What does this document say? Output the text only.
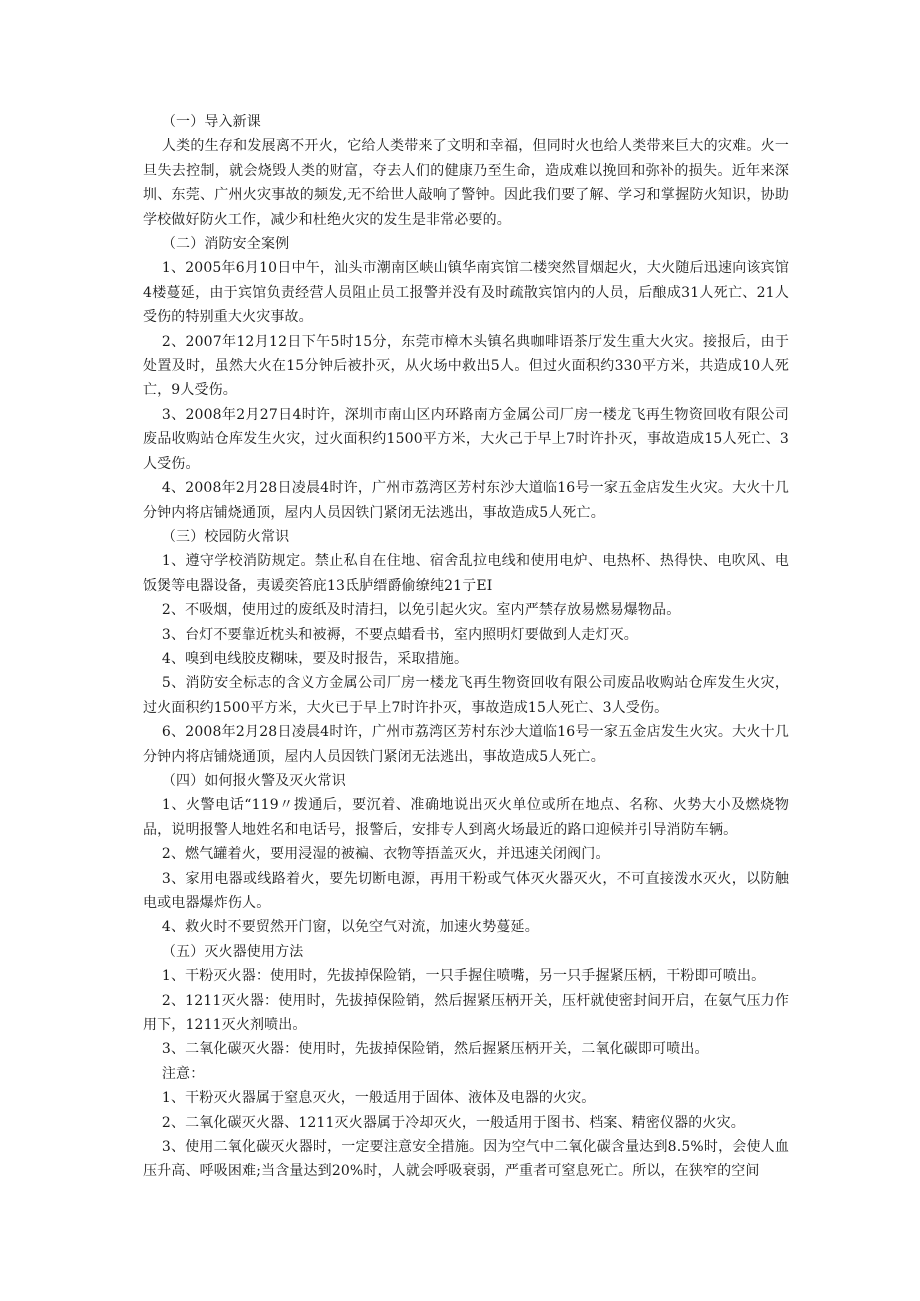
（一）导入新课

人类的生存和发展离不开火，它给人类带来了文明和幸福，但同时火也给人类带来巨大的灾难。火一旦失去控制，就会烧毁人类的财富，夺去人们的健康乃至生命，造成难以挽回和弥补的损失。近年来深圳、东莞、广州火灾事故的频发,无不给世人敲响了警钟。因此我们要了解、学习和掌握防火知识，协助学校做好防火工作，减少和杜绝火灾的发生是非常必要的。

（二）消防安全案例

1、2005年6月10日中午，汕头市潮南区峡山镇华南宾馆二楼突然冒烟起火，大火随后迅速向该宾馆4楼蔓延，由于宾馆负责经营人员阻止员工报警并没有及时疏散宾馆内的人员，后酿成31人死亡、21人受伤的特别重大火灾事故。

2、2007年12月12日下午5时15分，东莞市樟木头镇名典咖啡语茶厅发生重大火灾。接报后，由于处置及时，虽然大火在15分钟后被扑灭，从火场中救出5人。但过火面积约330平方米，共造成10人死亡，9人受伤。

3、2008年2月27日4时许，深圳市南山区内环路南方金属公司厂房一楼龙飞再生物资回收有限公司废品收购站仓库发生火灾，过火面积约1500平方米，大火己于早上7时许扑灭，事故造成15人死亡、3人受伤。

4、2008年2月28日凌晨4时许，广州市荔湾区芳村东沙大道临16号一家五金店发生火灾。大火十几分钟内将店铺烧通顶，屋内人员因铁门紧闭无法逃出，事故造成5人死亡。

（三）校园防火常识

1、遵守学校消防规定。禁止私自在住地、宿舍乱拉电线和使用电炉、电热杯、热得快、电吹风、电饭煲等电器设备，夷谖奕笞庇13氐胪缙爵偷缭纯21亍EI

2、不吸烟，使用过的废纸及时清扫，以免引起火灾。室内严禁存放易燃易爆物品。

3、台灯不要靠近枕头和被褥，不要点蜡看书，室内照明灯要做到人走灯灭。

4、嗅到电线胶皮糊味，要及时报告，采取措施。

5、消防安全标志的含义方金属公司厂房一楼龙飞再生物资回收有限公司废品收购站仓库发生火灾，过火面积约1500平方米，大火已于早上7时许扑灭，事故造成15人死亡、3人受伤。

6、2008年2月28日凌晨4时许，广州市荔湾区芳村东沙大道临16号一家五金店发生火灾。大火十几分钟内将店铺烧通顶，屋内人员因铁门紧闭无法逃出，事故造成5人死亡。

（四）如何报火警及灭火常识

1、火警电话“119〃拨通后，要沉着、准确地说出灭火单位或所在地点、名称、火势大小及燃烧物品，说明报警人地姓名和电话号，报警后，安排专人到离火场最近的路口迎候并引导消防车辆。

2、燃气罐着火，要用浸湿的被褊、衣物等捂盖灭火，并迅速关闭阀门。

3、家用电器或线路着火，要先切断电源，再用干粉或气体灭火器灭火，不可直接泼水灭火，以防触电或电器爆炸伤人。

4、救火时不要贸然开门窗，以免空气对流，加速火势蔓延。

（五）灭火器使用方法

1、干粉灭火器：使用时，先拔掉保险销，一只手握住喷嘴，另一只手握紧压柄，干粉即可喷出。

2、1211灭火器：使用时，先拔掉保险销，然后握紧压柄开关，压杆就使密封间开启，在氨气压力作用下，1211灭火剂喷出。

3、二氧化碳灭火器：使用时，先拔掉保险销，然后握紧压柄开关，二氧化碳即可喷出。

注意：

1、干粉灭火器属于窒息灭火，一般适用于固体、液体及电器的火灾。

2、二氧化碳灭火器、1211灭火器属于冷却灭火，一般适用于图书、档案、精密仪器的火灾。

3、使用二氧化碳灭火器时，一定要注意安全措施。因为空气中二氧化碳含量达到8.5%时，会使人血压升高、呼吸困难;当含量达到20%时，人就会呼吸衰弱，严重者可窒息死亡。所以，在狭窄的空间
